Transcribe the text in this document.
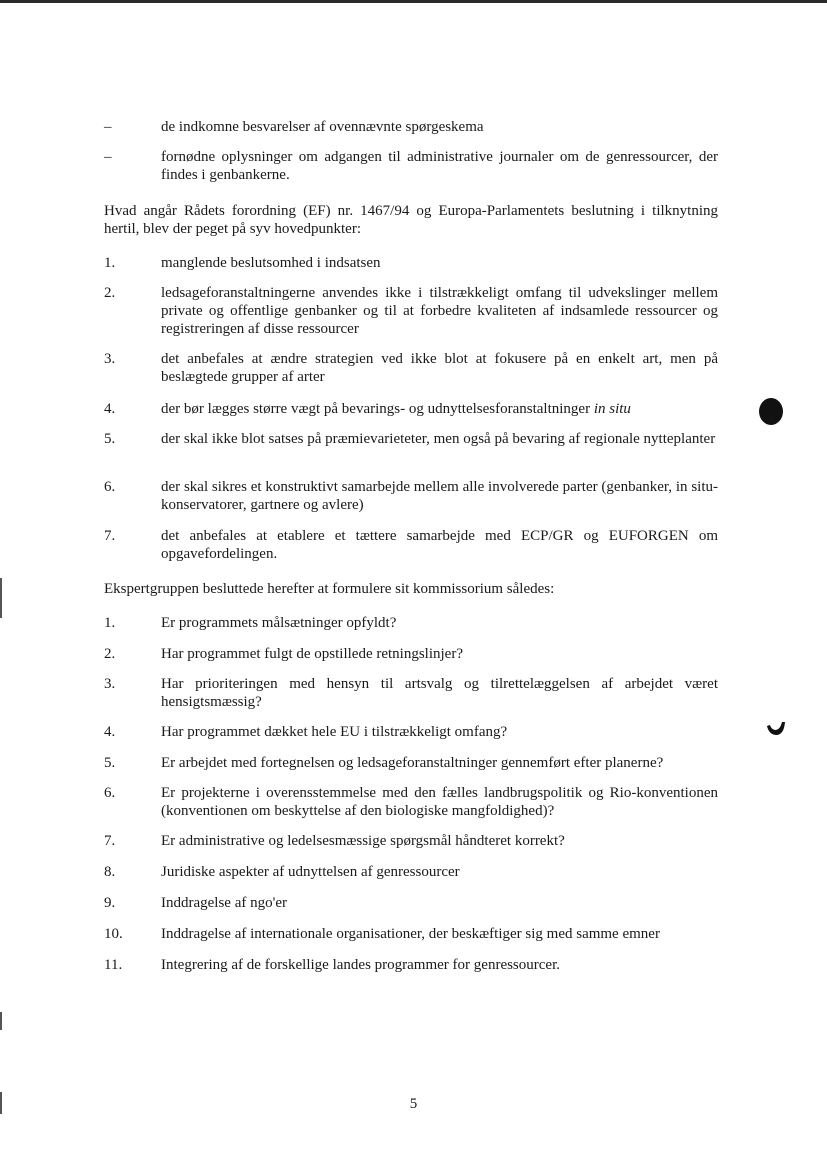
–	de indkomne besvarelser af ovennævnte spørgeskema
–	fornødne oplysninger om adgangen til administrative journaler om de genressourcer, der findes i genbankerne.
Hvad angår Rådets forordning (EF) nr. 1467/94 og Europa-Parlamentets beslutning i tilknytning hertil, blev der peget på syv hovedpunkter:
1.	manglende beslutsomhed i indsatsen
2.	ledsageforanstaltningerne anvendes ikke i tilstrækkeligt omfang til udvekslinger mellem private og offentlige genbanker og til at forbedre kvaliteten af indsamlede ressourcer og registreringen af disse ressourcer
3.	det anbefales at ændre strategien ved ikke blot at fokusere på en enkelt art, men på beslægtede grupper af arter
4.	der bør lægges større vægt på bevarings- og udnyttelsesforanstaltninger in situ
5.	der skal ikke blot satses på præmievarieteter, men også på bevaring af regionale nytteplanter
6.	der skal sikres et konstruktivt samarbejde mellem alle involverede parter (genbanker, in situ-konservatorer, gartnere og avlere)
7.	det anbefales at etablere et tættere samarbejde med ECP/GR og EUFORGEN om opgavefordelingen.
Ekspertgruppen besluttede herefter at formulere sit kommissorium således:
1.	Er programmets målsætninger opfyldt?
2.	Har programmet fulgt de opstillede retningslinjer?
3.	Har prioriteringen med hensyn til artsvalg og tilrettelæggelsen af arbejdet været hensigtsmæssig?
4.	Har programmet dækket hele EU i tilstrækkeligt omfang?
5.	Er arbejdet med fortegnelsen og ledsageforanstaltninger gennemført efter planerne?
6.	Er projekterne i overensstemmelse med den fælles landbrugspolitik og Rio-konventionen (konventionen om beskyttelse af den biologiske mangfoldighed)?
7.	Er administrative og ledelsesmæssige spørgsmål håndteret korrekt?
8.	Juridiske aspekter af udnyttelsen af genressourcer
9.	Inddragelse af ngo'er
10.	Inddragelse af internationale organisationer, der beskæftiger sig med samme emner
11.	Integrering af de forskellige landes programmer for genressourcer.
5
